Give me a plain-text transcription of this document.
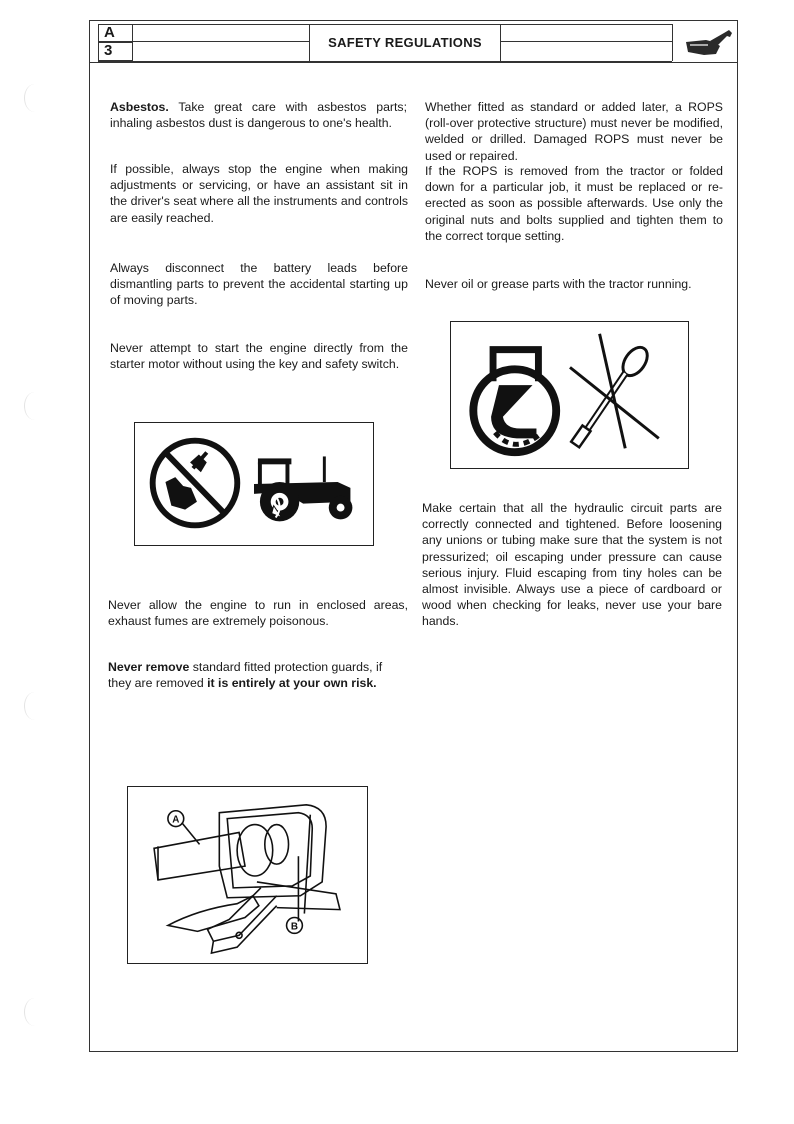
A
3	SAFETY REGULATIONS
Asbestos. Take great care with asbestos parts; inhaling asbestos dust is dangerous to one's health.
If possible, always stop the engine when making adjustments or servicing, or have an assistant sit in the driver's seat where all the instruments and controls are easily reached.
Always disconnect the battery leads before dismantling parts to prevent the accidental starting up of moving parts.
Never attempt to start the engine directly from the starter motor without using the key and safety switch.
Never allow the engine to run in enclosed areas, exhaust fumes are extremely poisonous.
Never remove standard fitted protection guards, if they are removed it is entirely at your own risk.
Whether fitted as standard or added later, a ROPS (roll-over protective structure) must never be modified, welded or drilled. Damaged ROPS must never be used or repaired.
If the ROPS is removed from the tractor or folded down for a particular job, it must be replaced or re-erected as soon as possible afterwards. Use only the original nuts and bolts supplied and tighten them to the correct torque setting.
Never oil or grease parts with the tractor running.
Make certain that all the hydraulic circuit parts are correctly connected and tightened. Before loosening any unions or tubing make sure that the system is not pressurized; oil escaping under pressure can cause serious injury. Fluid escaping from tiny holes can be almost invisible. Always use a piece of cardboard or wood when checking for leaks, never use your bare hands.
A
B
